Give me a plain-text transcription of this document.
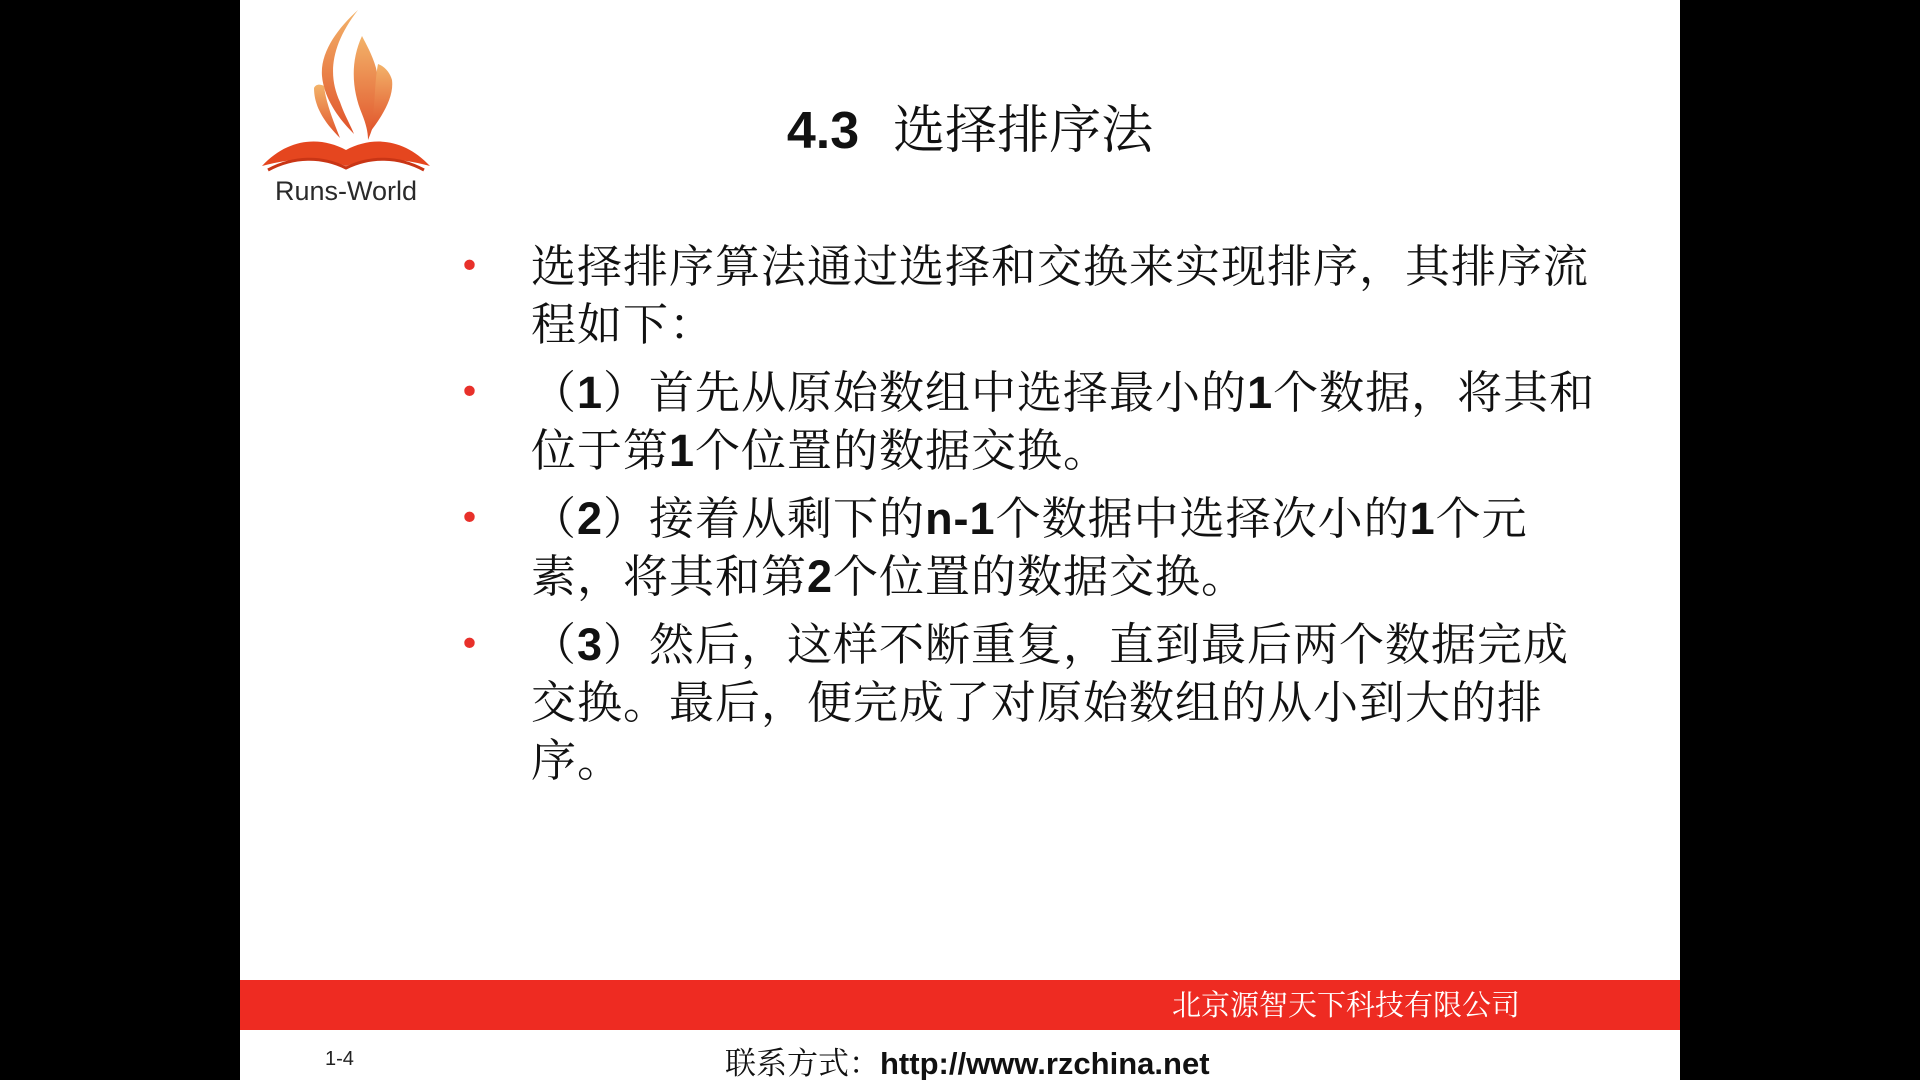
Runs-World
4.3 选择排序法
• 选择排序算法通过选择和交换来实现排序，其排序流程如下：
• （1）首先从原始数组中选择最小的1个数据，将其和位于第1个位置的数据交换。
• （2）接着从剩下的n-1个数据中选择次小的1个元素，将其和第2个位置的数据交换。
• （3）然后，这样不断重复，直到最后两个数据完成交换。最后，便完成了对原始数组的从小到大的排序。
北京源智天下科技有限公司
1-4	联系方式：http://www.rzchina.net
